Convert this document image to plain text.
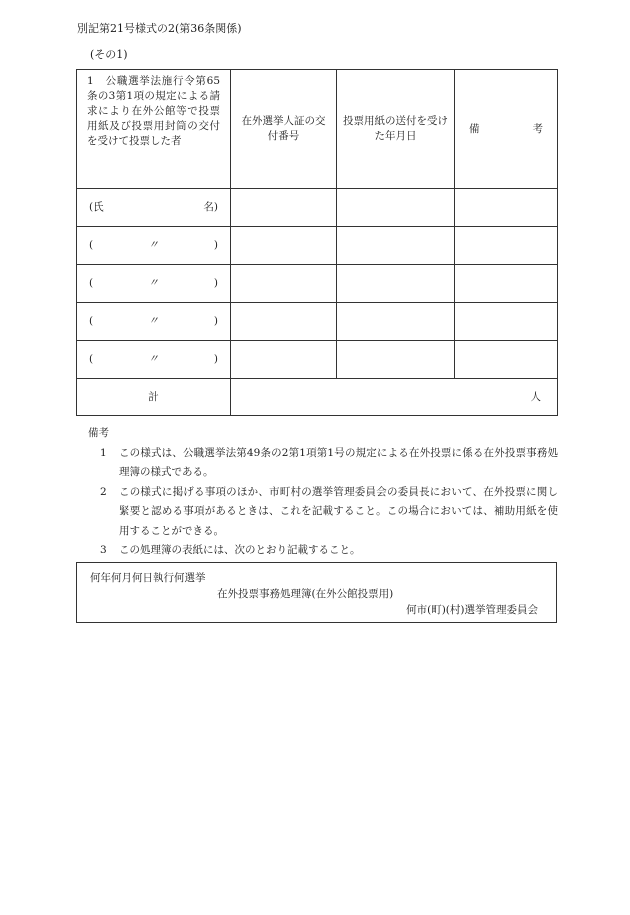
別記第21号様式の2(第36条関係)
(その1)
1　公職選挙法施行令第65条の3第1項の規定による請求により在外公館等で投票用紙及び投票用封筒の交付を受けて投票した者	在外選挙人証の交付番号	投票用紙の送付を受けた年月日	備 考

(氏 名)			

( 〃 )			

( 〃 )			

( 〃 )			

( 〃 )			

計	人		

備考

1	この様式は、公職選挙法第49条の2第1項第1号の規定による在外投票に係る在外投票事務処理簿の様式である。
2	この様式に掲げる事項のほか、市町村の選挙管理委員会の委員長において、在外投票に関し緊要と認める事項があるときは、これを記載すること。この場合においては、補助用紙を使用することができる。
3	この処理簿の表紙には、次のとおり記載すること。
何年何月何日執行何選挙
在外投票事務処理簿(在外公館投票用)
何市(町)(村)選挙管理委員会
